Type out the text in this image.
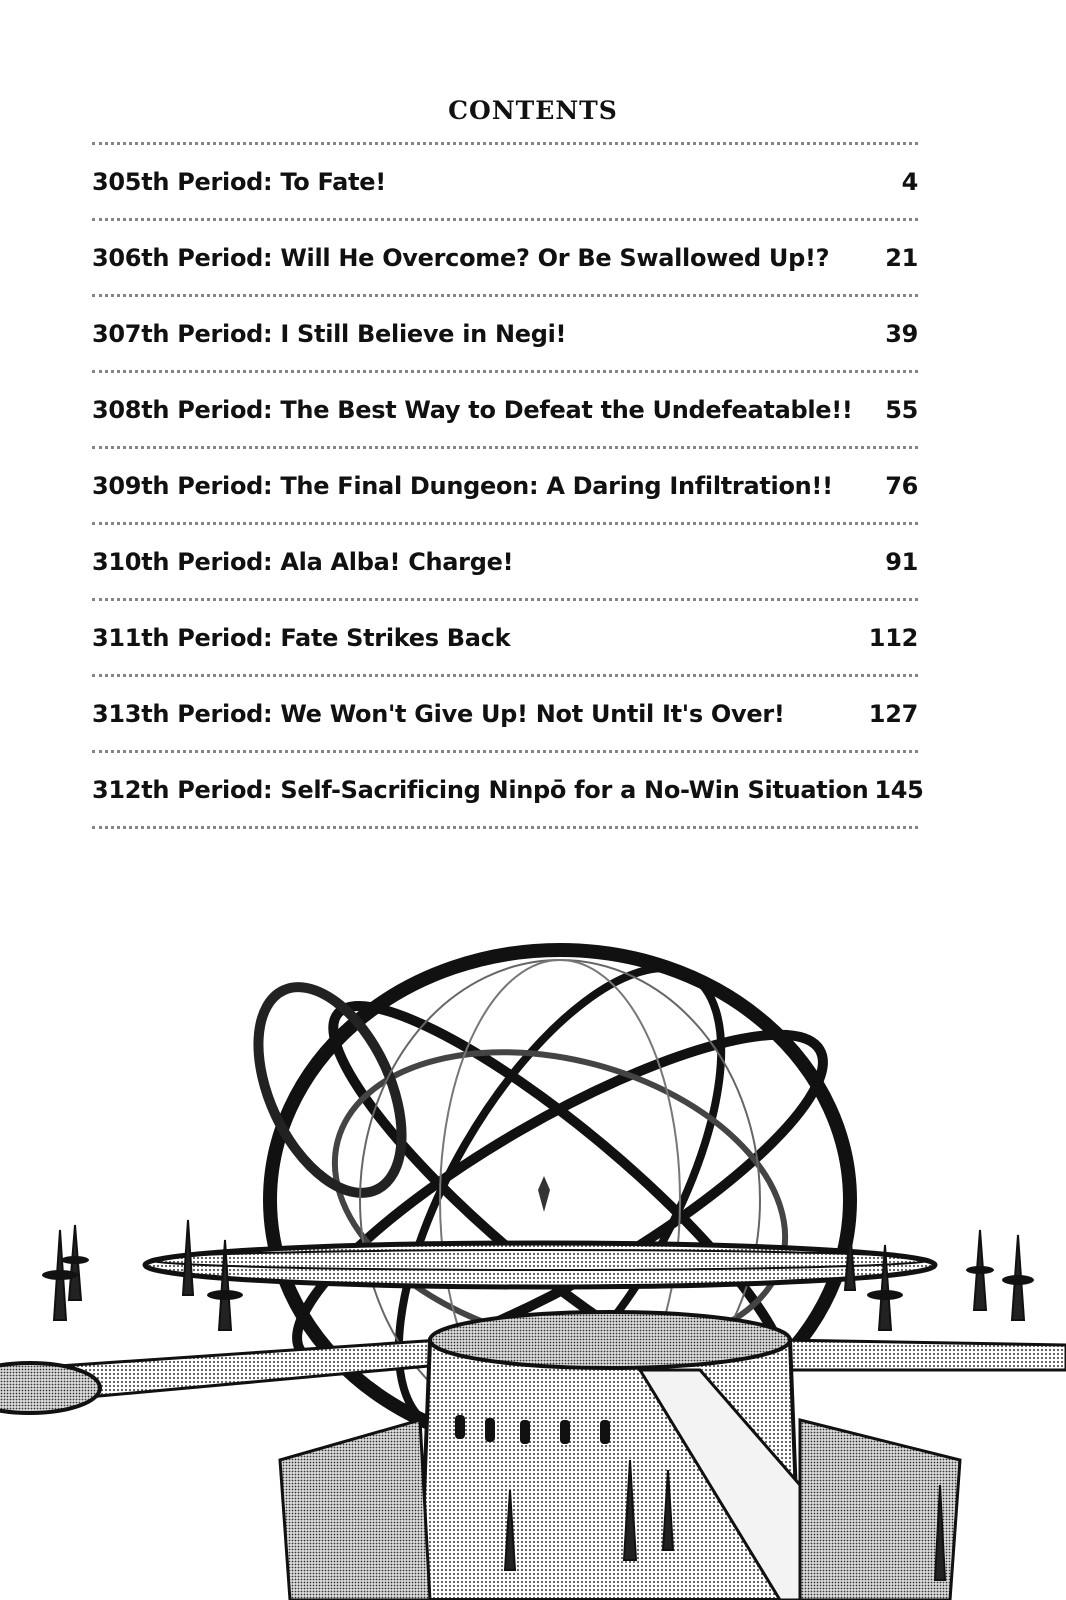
CONTENTS
305th Period: To Fate!	4
306th Period: Will He Overcome? Or Be Swallowed Up!? 21
307th Period: I Still Believe in Negi!	39
308th Period: The Best Way to Defeat the Undefeatable!! 55
309th Period: The Final Dungeon: A Daring Infiltration!! 76
310th Period: Ala Alba! Charge!	91
311th Period: Fate Strikes Back	112
313th Period: We Won't Give Up! Not Until It's Over!	127
312th Period: Self-Sacrificing Ninpō for a No-Win Situation 145
